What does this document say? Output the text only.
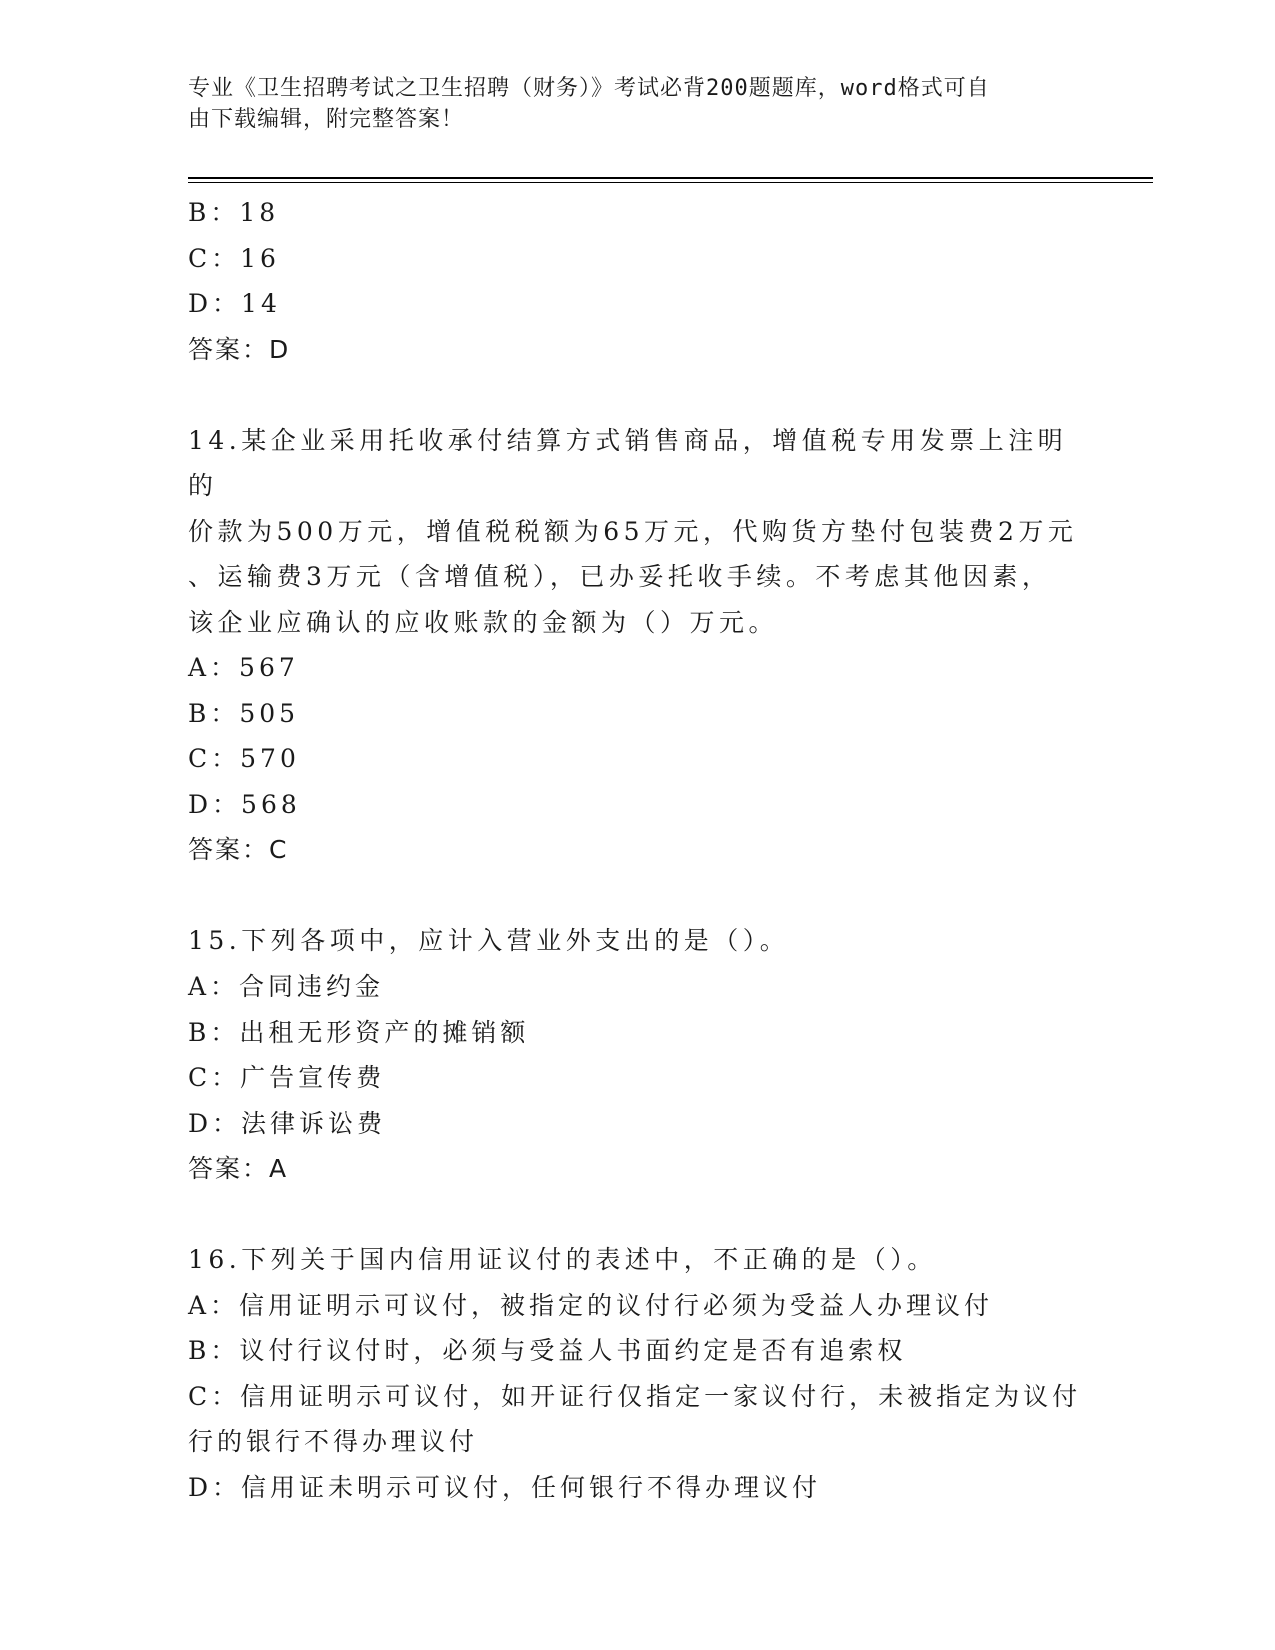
专业《卫生招聘考试之卫生招聘（财务）》考试必背200题题库，word格式可自
由下载编辑，附完整答案！
B：18
C：16
D：14
答案：D
14.某企业采用托收承付结算方式销售商品，增值税专用发票上注明的
价款为500万元，增值税税额为65万元，代购货方垫付包装费2万元
、运输费3万元（含增值税），已办妥托收手续。不考虑其他因素，
该企业应确认的应收账款的金额为（）万元。
A：567
B：505
C：570
D：568
答案：C
15.下列各项中，应计入营业外支出的是（）。
A：合同违约金
B：出租无形资产的摊销额
C：广告宣传费
D：法律诉讼费
答案：A
16.下列关于国内信用证议付的表述中，不正确的是（）。
A：信用证明示可议付，被指定的议付行必须为受益人办理议付
B：议付行议付时，必须与受益人书面约定是否有追索权
C：信用证明示可议付，如开证行仅指定一家议付行，未被指定为议付
行的银行不得办理议付
D：信用证未明示可议付，任何银行不得办理议付
